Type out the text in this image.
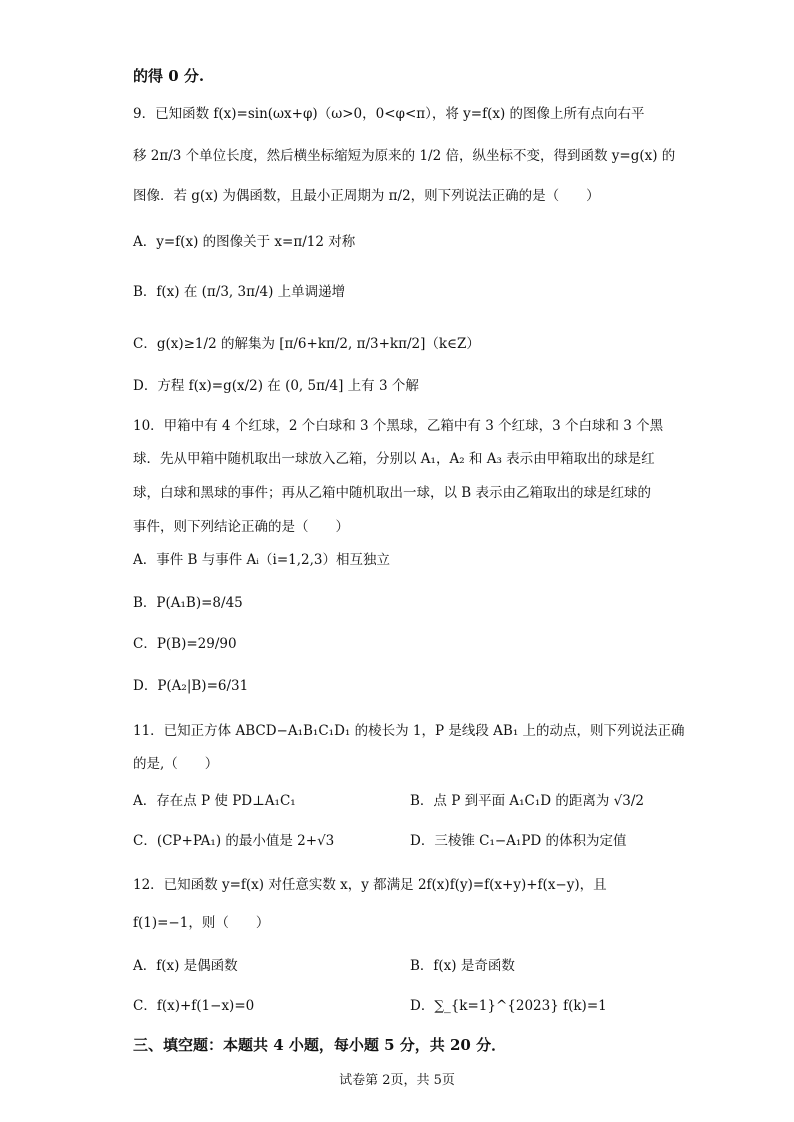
的得 0 分.
9．已知函数 f(x)=sin(ωx+φ)（ω>0，0<φ<π），将 y=f(x) 的图像上所有点向右平
移 2π/3 个单位长度，然后横坐标缩短为原来的 1/2 倍，纵坐标不变，得到函数 y=g(x) 的
图像．若 g(x) 为偶函数，且最小正周期为 π/2，则下列说法正确的是（　　）
A．y=f(x) 的图像关于 x=π/12 对称
B．f(x) 在 (π/3, 3π/4) 上单调递增
C．g(x)≥1/2 的解集为 [π/6+kπ/2, π/3+kπ/2]（k∈Z）
D．方程 f(x)=g(x/2) 在 (0, 5π/4] 上有 3 个解
10．甲箱中有 4 个红球，2 个白球和 3 个黑球，乙箱中有 3 个红球，3 个白球和 3 个黑
球．先从甲箱中随机取出一球放入乙箱，分别以 A₁，A₂ 和 A₃ 表示由甲箱取出的球是红
球，白球和黑球的事件；再从乙箱中随机取出一球，以 B 表示由乙箱取出的球是红球的
事件，则下列结论正确的是（　　）
A．事件 B 与事件 Aᵢ（i=1,2,3）相互独立
B．P(A₁B)=8/45
C．P(B)=29/90
D．P(A₂|B)=6/31
11．已知正方体 ABCD−A₁B₁C₁D₁ 的棱长为 1，P 是线段 AB₁ 上的动点，则下列说法正确
的是,（　　）
A．存在点 P 使 PD⊥A₁C₁	B．点 P 到平面 A₁C₁D 的距离为 √3/2
C．(CP+PA₁) 的最小值是 2+√3	D．三棱锥 C₁−A₁PD 的体积为定值
12．已知函数 y=f(x) 对任意实数 x，y 都满足 2f(x)f(y)=f(x+y)+f(x−y)，且
f(1)=−1，则（　　）
A．f(x) 是偶函数	B．f(x) 是奇函数
C．f(x)+f(1−x)=0	D．∑_{k=1}^{2023} f(k)=1
三、填空题：本题共 4 小题，每小题 5 分，共 20 分．
试卷第 2页，共 5页
